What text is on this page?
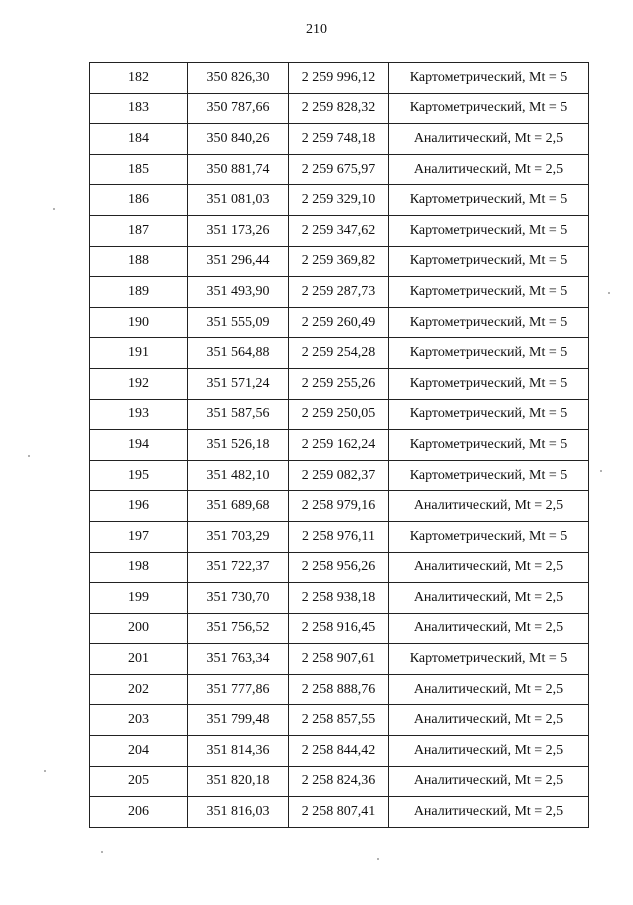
210
182	350 826,30	2 259 996,12	Картометрический, Mt = 5
183	350 787,66	2 259 828,32	Картометрический, Mt = 5
184	350 840,26	2 259 748,18	Аналитический, Mt = 2,5
185	350 881,74	2 259 675,97	Аналитический, Mt = 2,5
186	351 081,03	2 259 329,10	Картометрический, Mt = 5
187	351 173,26	2 259 347,62	Картометрический, Mt = 5
188	351 296,44	2 259 369,82	Картометрический, Mt = 5
189	351 493,90	2 259 287,73	Картометрический, Mt = 5
190	351 555,09	2 259 260,49	Картометрический, Mt = 5
191	351 564,88	2 259 254,28	Картометрический, Mt = 5
192	351 571,24	2 259 255,26	Картометрический, Mt = 5
193	351 587,56	2 259 250,05	Картометрический, Mt = 5
194	351 526,18	2 259 162,24	Картометрический, Mt = 5
195	351 482,10	2 259 082,37	Картометрический, Mt = 5
196	351 689,68	2 258 979,16	Аналитический, Mt = 2,5
197	351 703,29	2 258 976,11	Картометрический, Mt = 5
198	351 722,37	2 258 956,26	Аналитический, Mt = 2,5
199	351 730,70	2 258 938,18	Аналитический, Mt = 2,5
200	351 756,52	2 258 916,45	Аналитический, Mt = 2,5
201	351 763,34	2 258 907,61	Картометрический, Mt = 5
202	351 777,86	2 258 888,76	Аналитический, Mt = 2,5
203	351 799,48	2 258 857,55	Аналитический, Mt = 2,5
204	351 814,36	2 258 844,42	Аналитический, Mt = 2,5
205	351 820,18	2 258 824,36	Аналитический, Mt = 2,5
206	351 816,03	2 258 807,41	Аналитический, Mt = 2,5
